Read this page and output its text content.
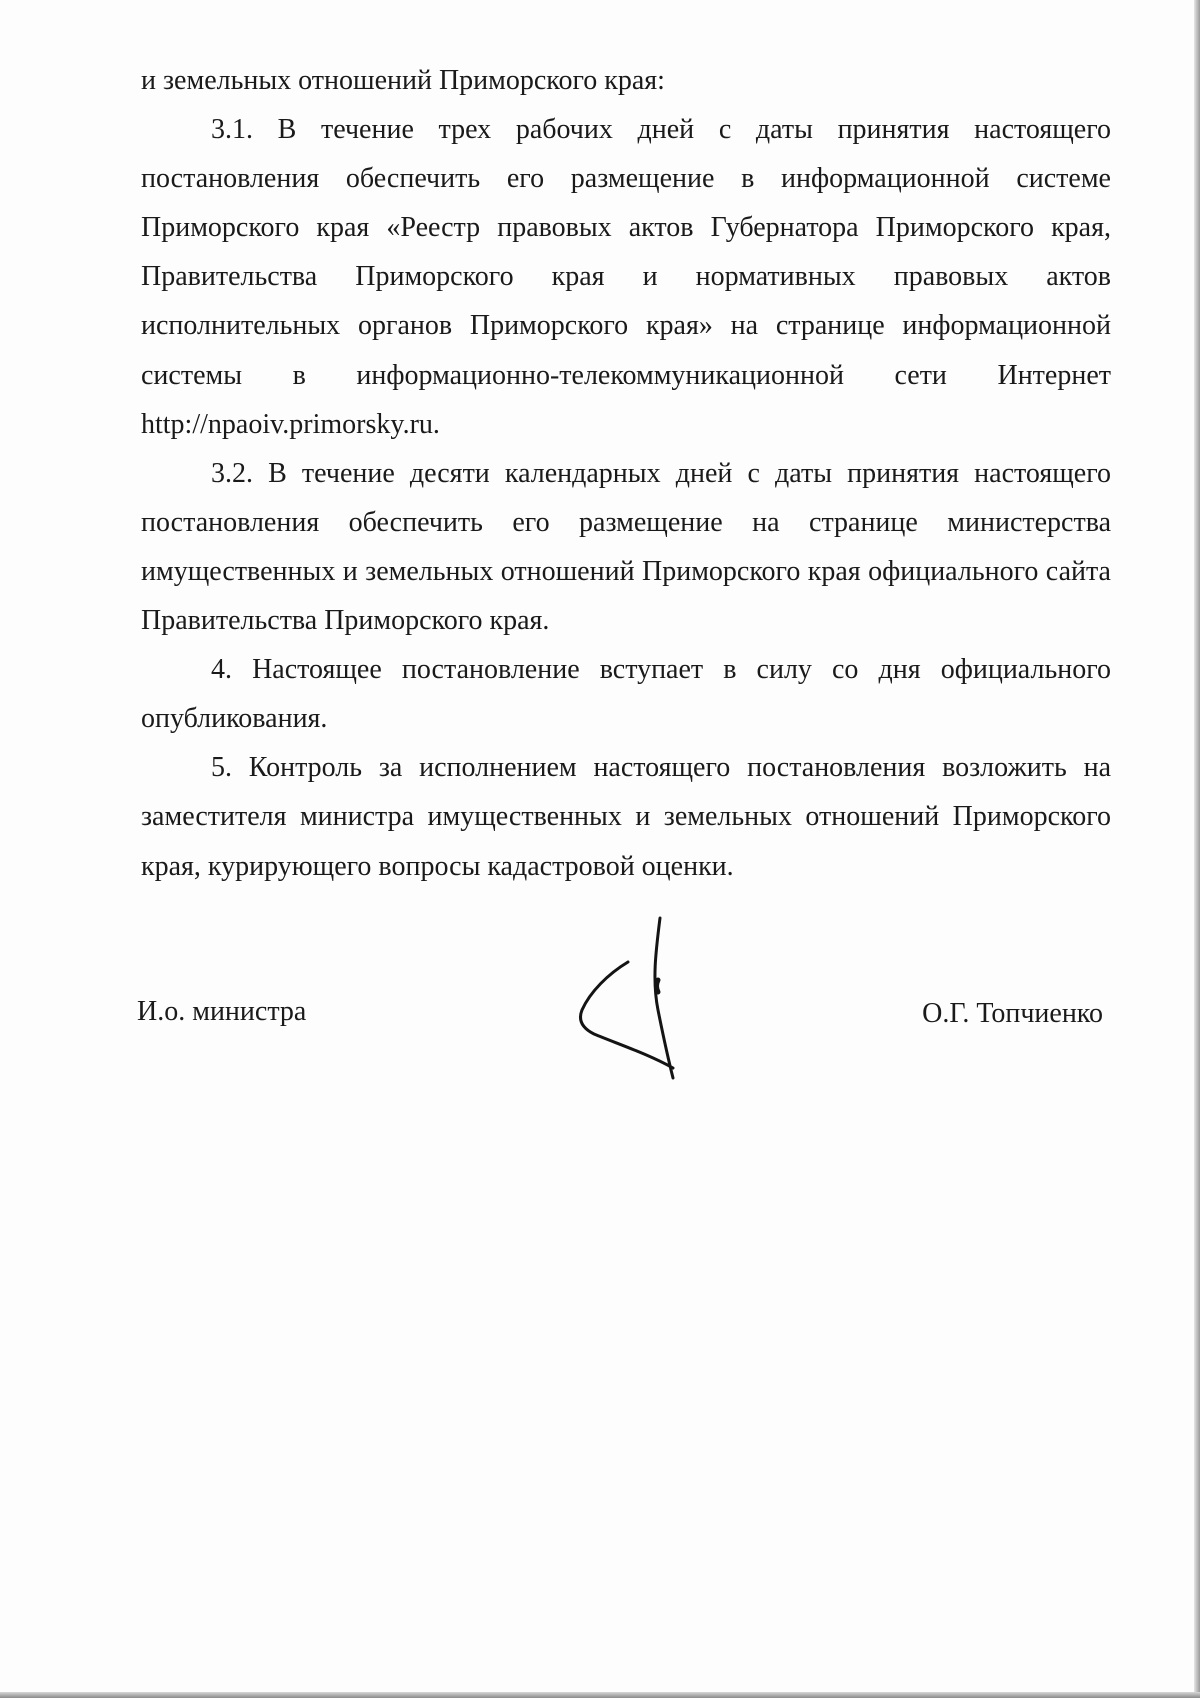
и земельных отношений Приморского края:

3.1. В течение трех рабочих дней с даты принятия настоящего постановления обеспечить его размещение в информационной системе Приморского края «Реестр правовых актов Губернатора Приморского края, Правительства Приморского края и нормативных правовых актов исполнительных органов Приморского края» на странице информационной системы в информационно-телекоммуникационной сети Интернет http://npaoiv.primorsky.ru.

3.2. В течение десяти календарных дней с даты принятия настоящего постановления обеспечить его размещение на странице министерства имущественных и земельных отношений Приморского края официального сайта Правительства Приморского края.

4. Настоящее постановление вступает в силу со дня официального опубликования.

5. Контроль за исполнением настоящего постановления возложить на заместителя министра имущественных и земельных отношений Приморского края, курирующего вопросы кадастровой оценки.

И.о. министра	О.Г. Топчиенко
